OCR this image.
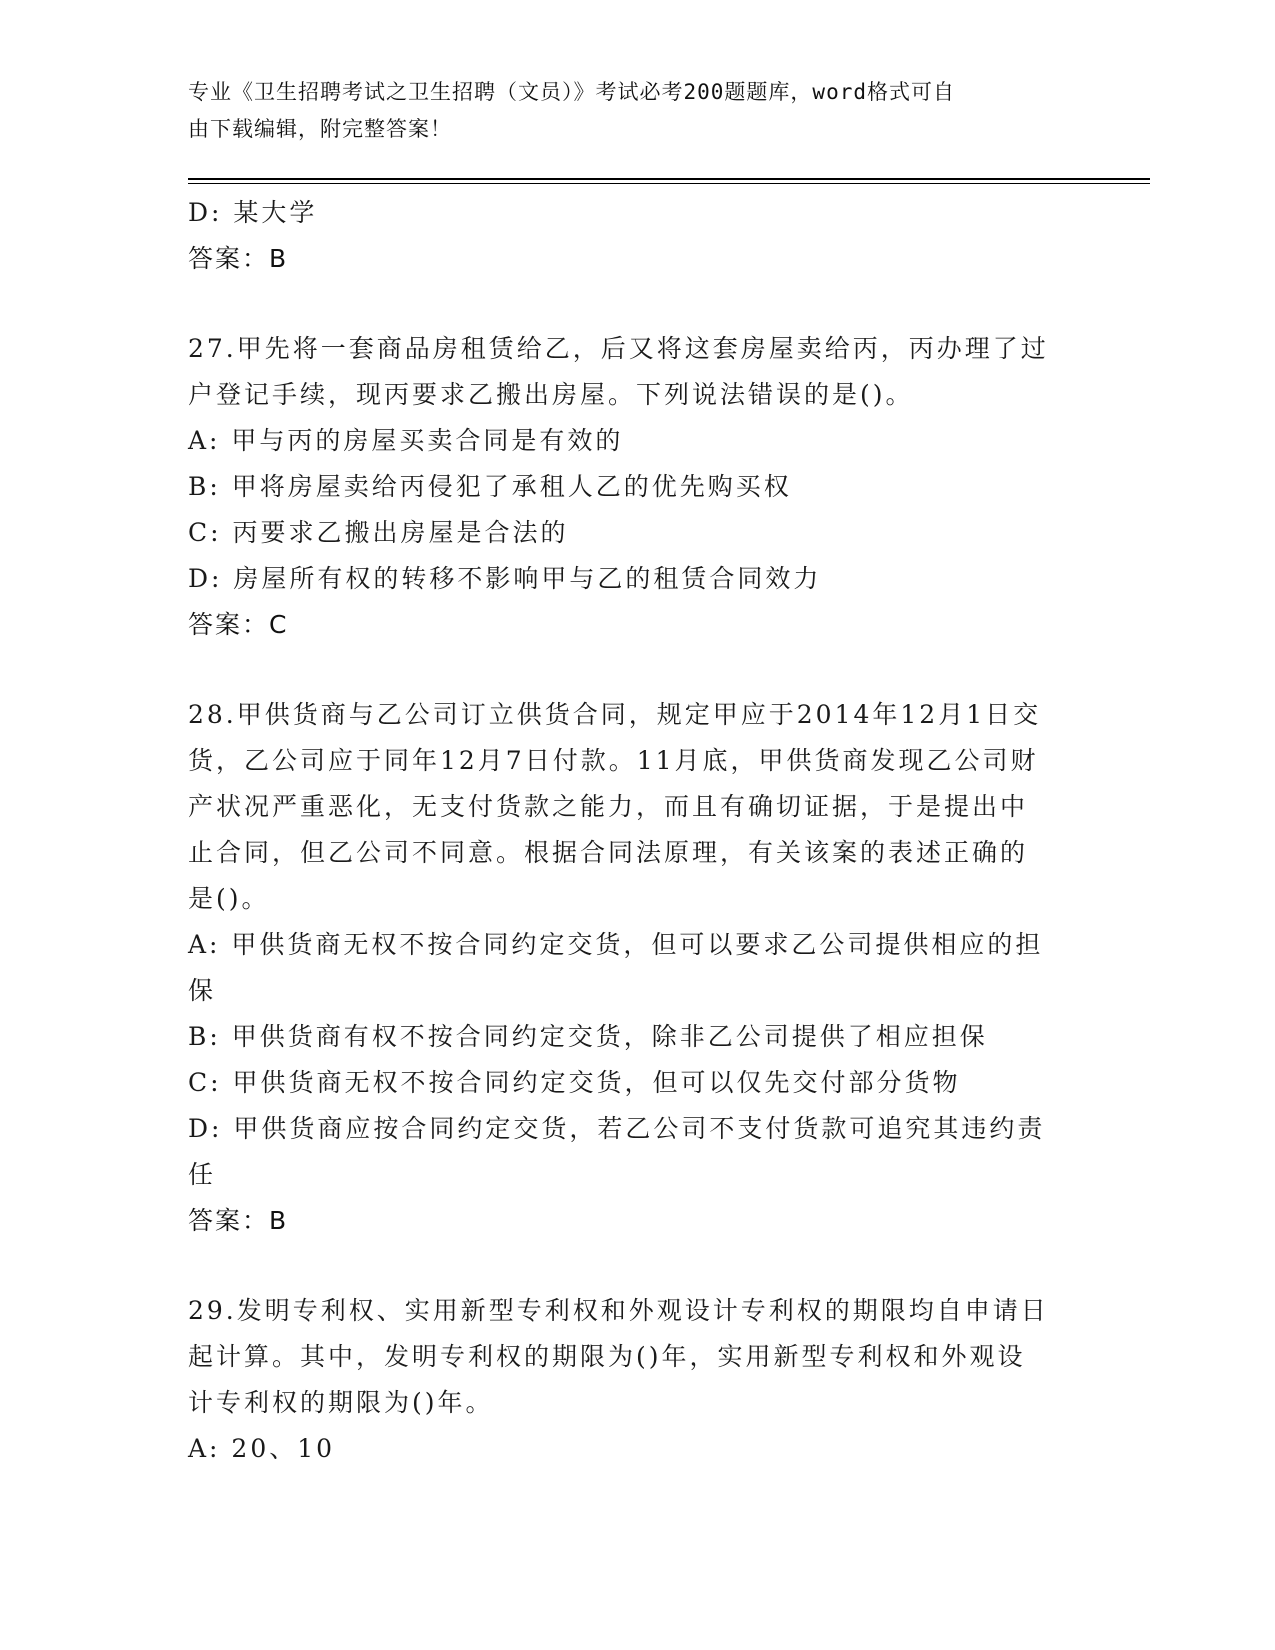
专业《卫生招聘考试之卫生招聘（文员）》考试必考200题题库，word格式可自
由下载编辑，附完整答案！

D: 某大学

答案：B

27.甲先将一套商品房租赁给乙，后又将这套房屋卖给丙，丙办理了过

户登记手续，现丙要求乙搬出房屋。下列说法错误的是()。

A: 甲与丙的房屋买卖合同是有效的

B: 甲将房屋卖给丙侵犯了承租人乙的优先购买权

C: 丙要求乙搬出房屋是合法的

D: 房屋所有权的转移不影响甲与乙的租赁合同效力

答案：C

28.甲供货商与乙公司订立供货合同，规定甲应于2014年12月1日交

货，乙公司应于同年12月7日付款。11月底，甲供货商发现乙公司财

产状况严重恶化，无支付货款之能力，而且有确切证据，于是提出中

止合同，但乙公司不同意。根据合同法原理，有关该案的表述正确的

是()。

A: 甲供货商无权不按合同约定交货，但可以要求乙公司提供相应的担

保

B: 甲供货商有权不按合同约定交货，除非乙公司提供了相应担保

C: 甲供货商无权不按合同约定交货，但可以仅先交付部分货物

D: 甲供货商应按合同约定交货，若乙公司不支付货款可追究其违约责

任

答案：B

29.发明专利权、实用新型专利权和外观设计专利权的期限均自申请日

起计算。其中，发明专利权的期限为()年，实用新型专利权和外观设

计专利权的期限为()年。

A: 20、10
